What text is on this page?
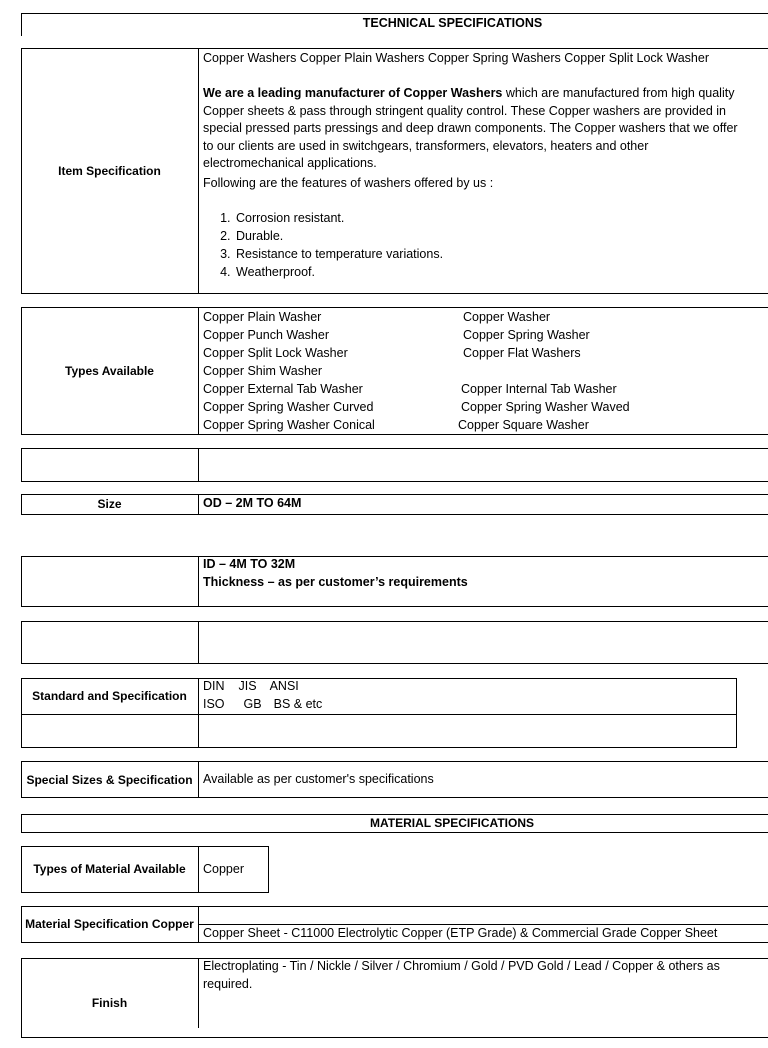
TECHNICAL SPECIFICATIONS
Item Specification
Copper Washers Copper Plain Washers Copper Spring Washers Copper Split Lock Washer
We are a leading manufacturer of Copper Washers which are manufactured from high quality Copper sheets & pass through stringent quality control. These Copper washers are provided in special pressed parts pressings and deep drawn components. The Copper washers that we offer to our clients are used in switchgears, transformers, elevators, heaters and other electromechanical applications.
Following are the features of washers offered by us :
1. Corrosion resistant.
2. Durable.
3. Resistance to temperature variations.
4. Weatherproof.
Types Available
Copper Plain Washer
Copper Punch Washer
Copper Split Lock Washer
Copper Shim Washer
Copper External Tab Washer
Copper Spring Washer Curved
Copper Spring Washer Conical
Copper Washer
Copper Spring Washer
Copper Flat Washers
Copper Internal Tab Washer
Copper Spring Washer Waved
Copper Square Washer
Size	OD – 2M TO 64M
ID – 4M TO 32M
Thickness – as per customer’s requirements
Standard and Specification
DIN JIS ANSI
ISO GB BS & etc
Special Sizes & Specification Available as per customer's specifications
MATERIAL SPECIFICATIONS
Types of Material Available	Copper
Material Specification Copper
Copper Sheet - C11000 Electrolytic Copper (ETP Grade) & Commercial Grade Copper Sheet
Finish
Electroplating - Tin / Nickle / Silver / Chromium / Gold / PVD Gold / Lead / Copper & others as required.
